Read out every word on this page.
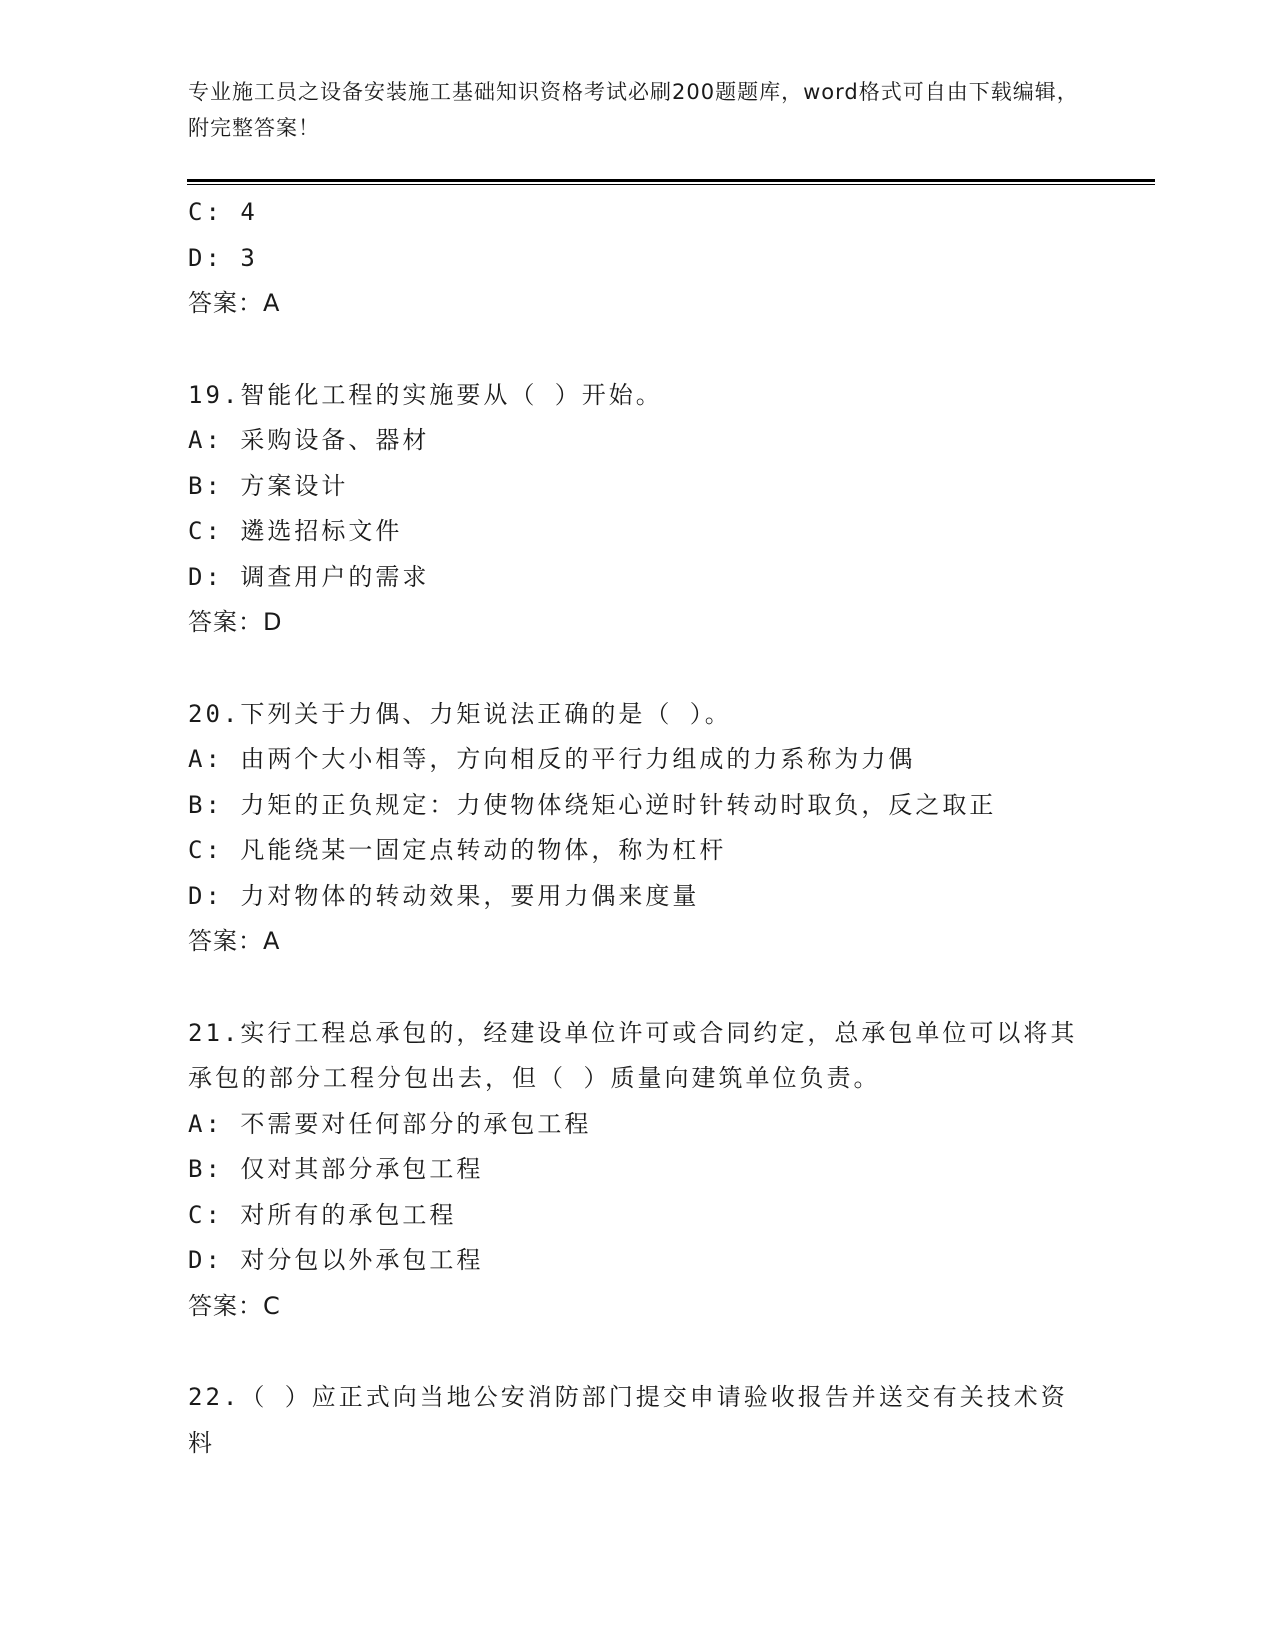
专业施工员之设备安装施工基础知识资格考试必刷200题题库，word格式可自由下载编辑，附完整答案！
C: 4
D: 3
答案：A
19.智能化工程的实施要从（ ）开始。
A: 采购设备、器材
B: 方案设计
C: 遴选招标文件
D: 调查用户的需求
答案：D
20.下列关于力偶、力矩说法正确的是（ ）。
A: 由两个大小相等，方向相反的平行力组成的力系称为力偶
B: 力矩的正负规定：力使物体绕矩心逆时针转动时取负，反之取正
C: 凡能绕某一固定点转动的物体，称为杠杆
D: 力对物体的转动效果，要用力偶来度量
答案：A
21.实行工程总承包的，经建设单位许可或合同约定，总承包单位可以将其承包的部分工程分包出去，但（ ）质量向建筑单位负责。
A: 不需要对任何部分的承包工程
B: 仅对其部分承包工程
C: 对所有的承包工程
D: 对分包以外承包工程
答案：C
22.（ ）应正式向当地公安消防部门提交申请验收报告并送交有关技术资料
